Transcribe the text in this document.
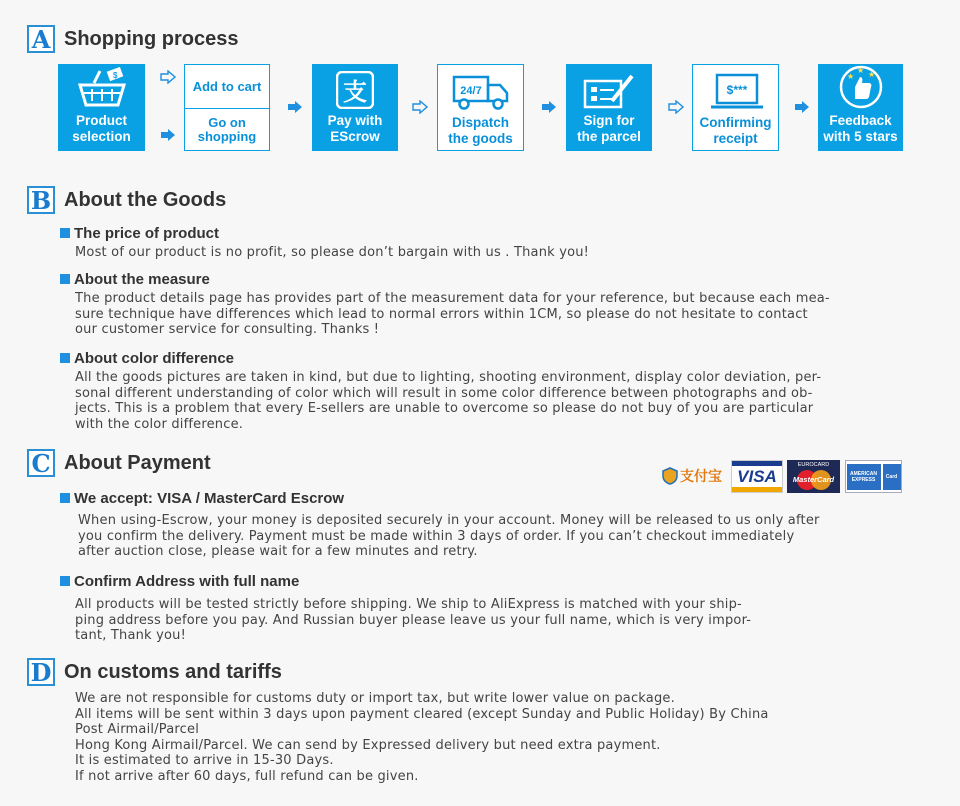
A Shopping process
$
Product
selection
Add to cart
Go on
shopping
支
Pay with
EScrow
24/7
Dispatch
the goods
Sign for
the parcel
$***
Confirming
receipt
★
★ ★
Feedback
with 5 stars
B About the Goods
The price of product
Most of our product is no profit, so please don’t bargain with us . Thank you!
About the measure
The product details page has provides part of the measurement data for your reference, but because each mea-
sure technique have differences which lead to normal errors within 1CM, so please do not hesitate to contact
our customer service for consulting. Thanks !
About color difference
All the goods pictures are taken in kind, but due to lighting, shooting environment, display color deviation, per-
sonal different understanding of color which will result in some color difference between photographs and ob-
jects. This is a problem that every E-sellers are unable to overcome so please do not buy of you are particular
with the color difference.
C About Payment
支付宝 VISA
EUROCARD
MasterCard
AMERICAN
EXPRESS Card
We accept: VISA / MasterCard Escrow
When using-Escrow, your money is deposited securely in your account. Money will be released to us only after
you confirm the delivery. Payment must be made within 3 days of order. If you can’t checkout immediately
after auction close, please wait for a few minutes and retry.
Confirm Address with full name
All products will be tested strictly before shipping. We ship to AliExpress is matched with your ship-
ping address before you pay. And Russian buyer please leave us your full name, which is very impor-
tant, Thank you!
D On customs and tariffs
We are not responsible for customs duty or import tax, but write lower value on package.
All items will be sent within 3 days upon payment cleared (except Sunday and Public Holiday) By China
Post Airmail/Parcel
Hong Kong Airmail/Parcel. We can send by Expressed delivery but need extra payment.
It is estimated to arrive in 15-30 Days.
If not arrive after 60 days, full refund can be given.
